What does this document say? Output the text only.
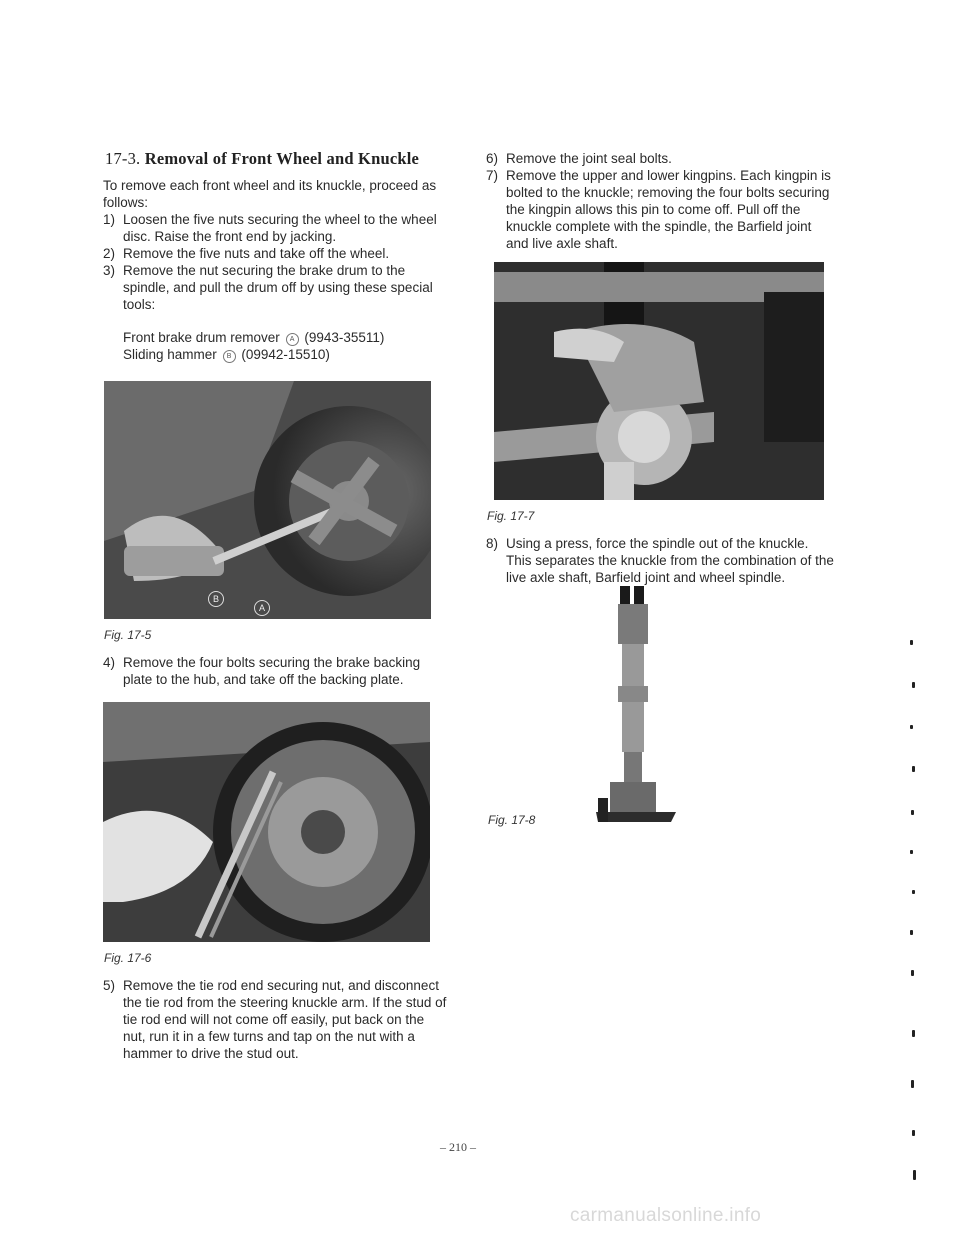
17-3. Removal of Front Wheel and Knuckle

To remove each front wheel and its knuckle, proceed as follows:

1) Loosen the five nuts securing the wheel to the wheel disc. Raise the front end by jacking.
2) Remove the five nuts and take off the wheel.
3) Remove the nut securing the brake drum to the spindle, and pull the drum off by using these special tools:

Front brake drum remover A (9943-35511)

Sliding hammer B (09942-15510)

B
A
Fig. 17-5
4) Remove the four bolts securing the brake backing plate to the hub, and take off the backing plate.
Fig. 17-6
5) Remove the tie rod end securing nut, and disconnect the tie rod from the steering knuckle arm. If the stud of tie rod end will not come off easily, put back on the nut, run it in a few turns and tap on the nut with a hammer to drive the stud out.
6) Remove the joint seal bolts.
7) Remove the upper and lower kingpins. Each kingpin is bolted to the knuckle; removing the four bolts securing the kingpin allows this pin to come off. Pull off the knuckle complete with the spindle, the Barfield joint and live axle shaft.
Fig. 17-7
8) Using a press, force the spindle out of the knuckle. This separates the knuckle from the combination of the live axle shaft, Barfield joint and wheel spindle.
Fig. 17-8
– 210 –
carmanualsonline.info
